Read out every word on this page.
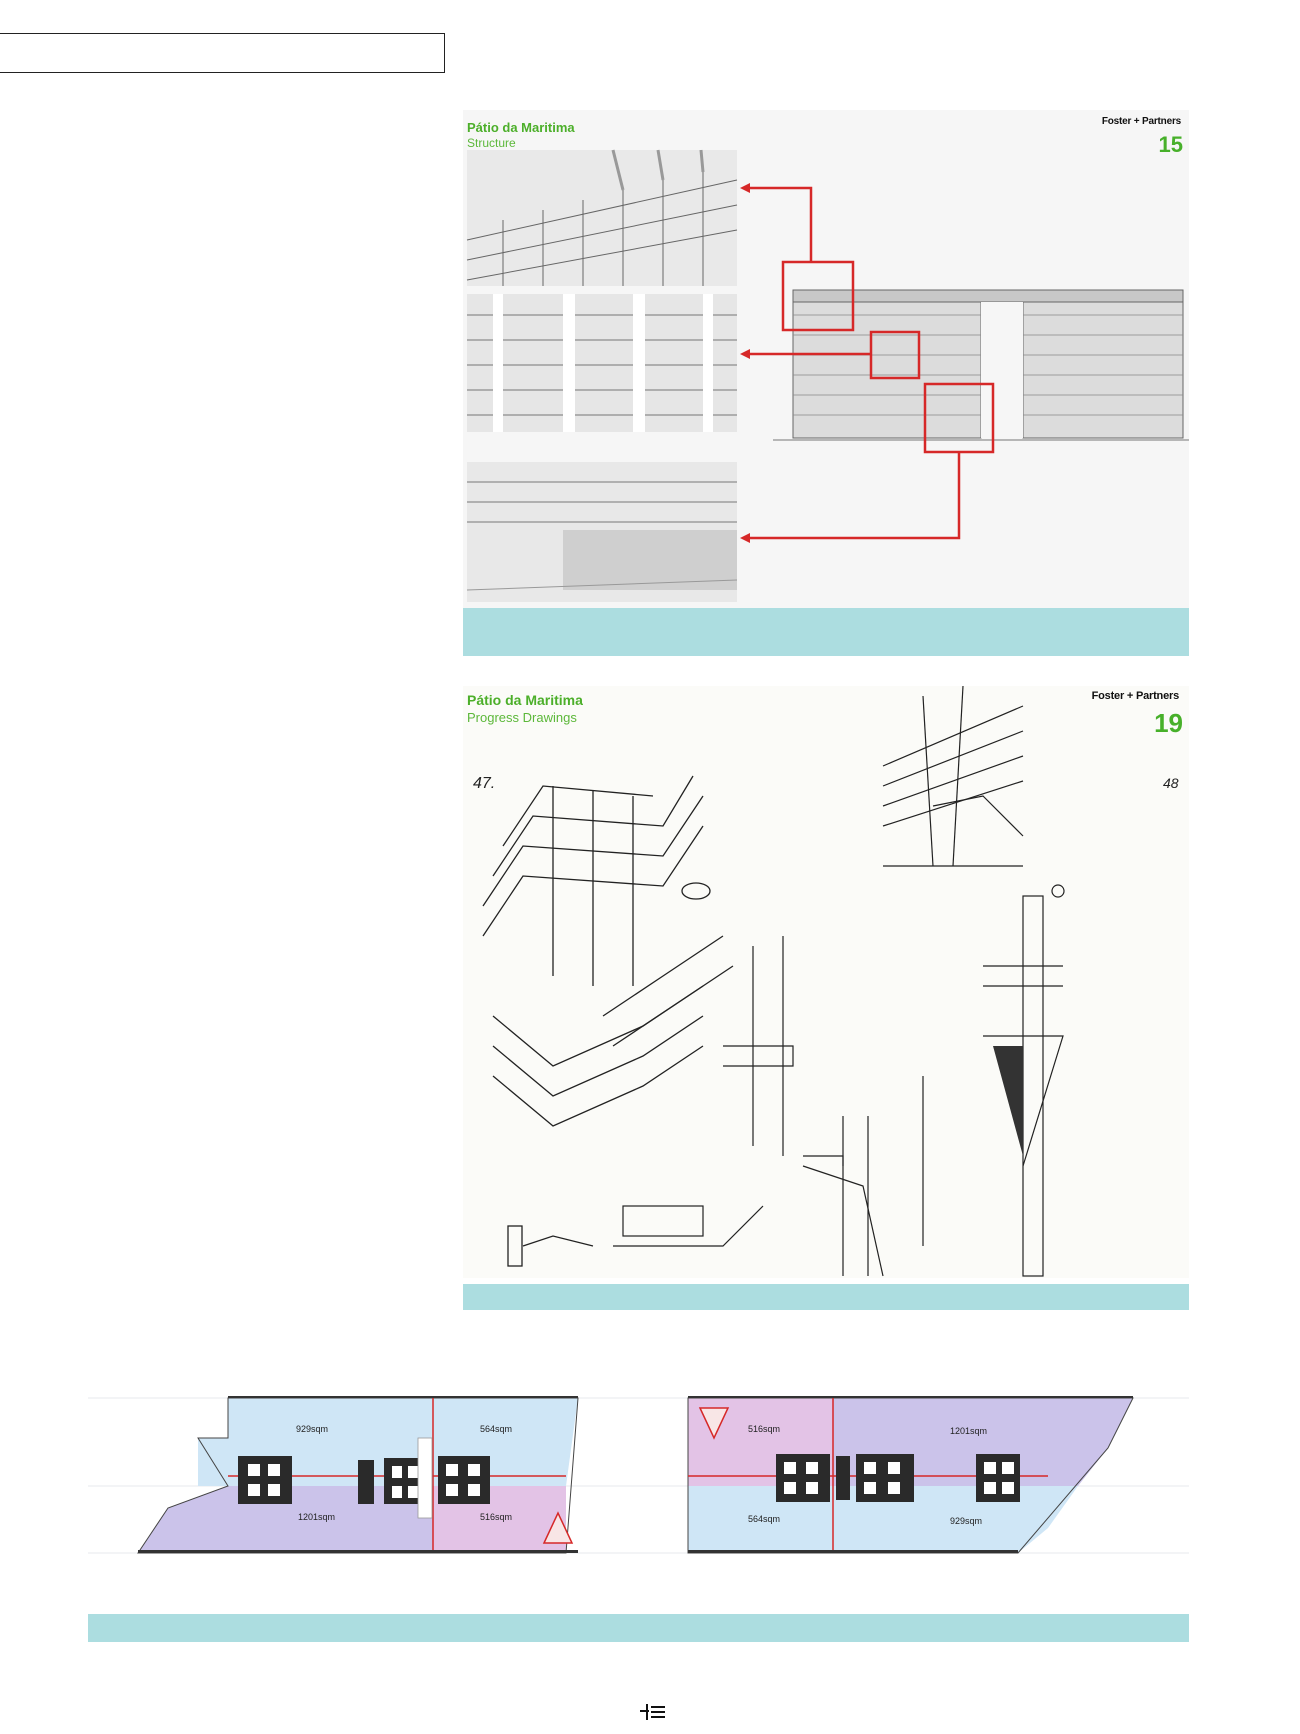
Pátio da Maritima
Structure
Foster + Partners
15
Pátio da Maritima
Progress Drawings
Foster + Partners
19
47.	48
929sqm	564sqm
1201sqm	516sqm
516sqm	1201sqm
564sqm	929sqm
